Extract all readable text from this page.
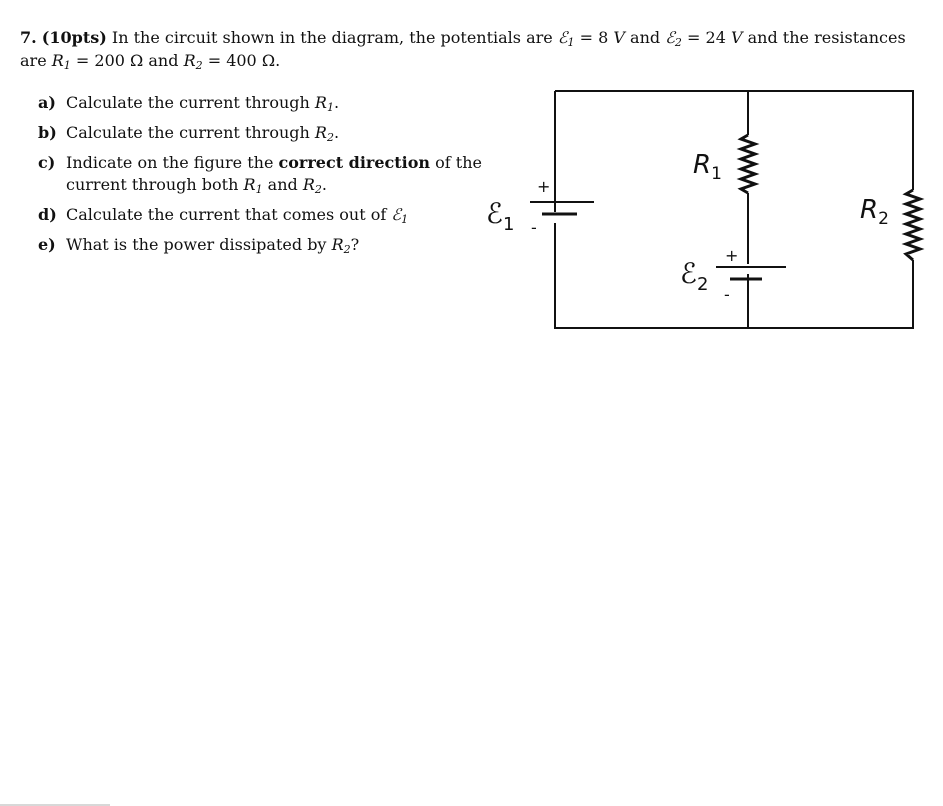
7. (10pts) In the circuit shown in the diagram, the potentials are ℰ$_1$ = 8 V and ℰ$_2$ = 24 V and the resistances
are $R_1 = 200$ Ω and $R_2 = 400$ Ω.
a) Calculate the current through $R_1$.
b) Calculate the current through $R_2$.
c) Indicate on the figure the correct direction of the
current through both $R_1$ and $R_2$.
d) Calculate the current that comes out of ℰ$_1$
e) What is the power dissipated by $R_2$?
+
-
ℰ$_1$
+
-
ℰ$_2$
$R_1$
$R_2$
